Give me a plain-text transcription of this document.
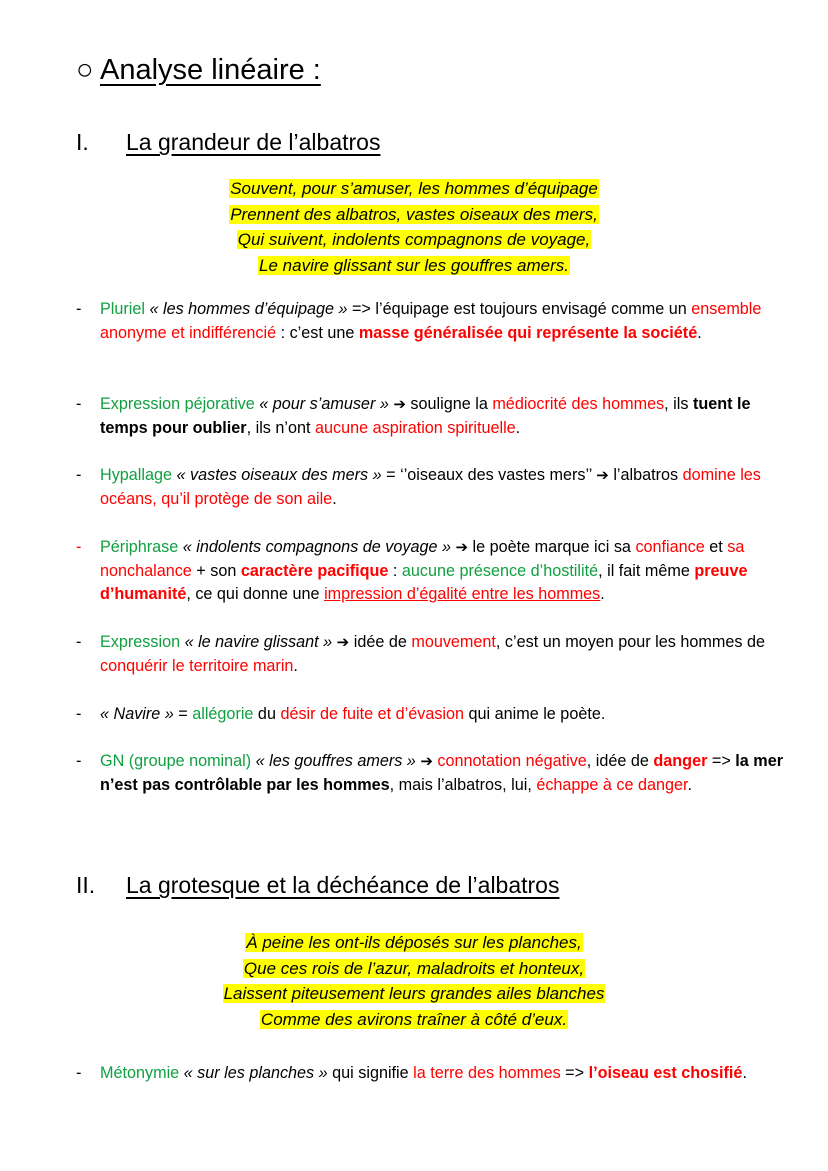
○ Analyse linéaire :
I. La grandeur de l’albatros
Souvent, pour s’amuser, les hommes d’équipage
Prennent des albatros, vastes oiseaux des mers,
Qui suivent, indolents compagnons de voyage,
Le navire glissant sur les gouffres amers.
- Pluriel « les hommes d’équipage » => l’équipage est toujours envisagé comme un ensemble anonyme et indifférencié : c’est une masse généralisée qui représente la société.
- Expression péjorative « pour s’amuser » ➔ souligne la médiocrité des hommes, ils tuent le temps pour oublier, ils n’ont aucune aspiration spirituelle.
- Hypallage « vastes oiseaux des mers » = ‘’oiseaux des vastes mers’’ ➔ l’albatros domine les océans, qu’il protège de son aile.
- Périphrase « indolents compagnons de voyage » ➔ le poète marque ici sa confiance et sa nonchalance + son caractère pacifique : aucune présence d’hostilité, il fait même preuve d’humanité, ce qui donne une impression d’égalité entre les hommes.
- Expression « le navire glissant » ➔ idée de mouvement, c’est un moyen pour les hommes de conquérir le territoire marin.
- « Navire » = allégorie du désir de fuite et d’évasion qui anime le poète.
- GN (groupe nominal) « les gouffres amers » ➔ connotation négative, idée de danger => la mer n’est pas contrôlable par les hommes, mais l’albatros, lui, échappe à ce danger.
II. La grotesque et la déchéance de l’albatros
À peine les ont-ils déposés sur les planches,
Que ces rois de l’azur, maladroits et honteux,
Laissent piteusement leurs grandes ailes blanches
Comme des avirons traîner à côté d’eux.
- Métonymie « sur les planches » qui signifie la terre des hommes => l’oiseau est chosifié.
